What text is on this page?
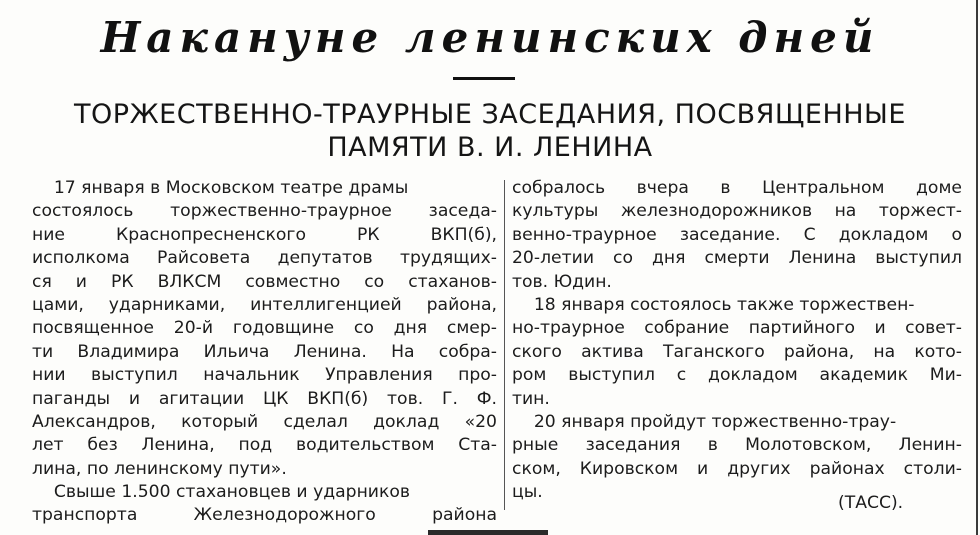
Накануне ленинских дней
ТОРЖЕСТВЕННО-ТРАУРНЫЕ ЗАСЕДАНИЯ, ПОСВЯЩЕННЫЕ
ПАМЯТИ В. И. ЛЕНИНА
17 января в Московском театре драмы
состоялось торжественно-траурное заседа-
ние Краснопресненского РК ВКП(б),
исполкома Райсовета депутатов трудящих-
ся и РК ВЛКСМ совместно со стаханов-
цами, ударниками, интеллигенцией района,
посвященное 20-й годовщине со дня смер-
ти Владимира Ильича Ленина. На собра-
нии выступил начальник Управления про-
паганды и агитации ЦК ВКП(б) тов. Г. Ф.
Александров, который сделал доклад «20
лет без Ленина, под водительством Ста-
лина, по ленинскому пути».
Свыше 1.500 стахановцев и ударников
транспорта Железнодорожного района
собралось вчера в Центральном доме
культуры железнодорожников на торжест-
венно-траурное заседание. С докладом о
20-летии со дня смерти Ленина выступил
тов. Юдин.
18 января состоялось также торжествен-
но-траурное собрание партийного и совет-
ского актива Таганского района, на кото-
ром выступил с докладом академик Ми-
тин.
20 января пройдут торжественно-трау-
рные заседания в Молотовском, Ленин-
ском, Кировском и других районах столи-
цы.
(ТАСС).
